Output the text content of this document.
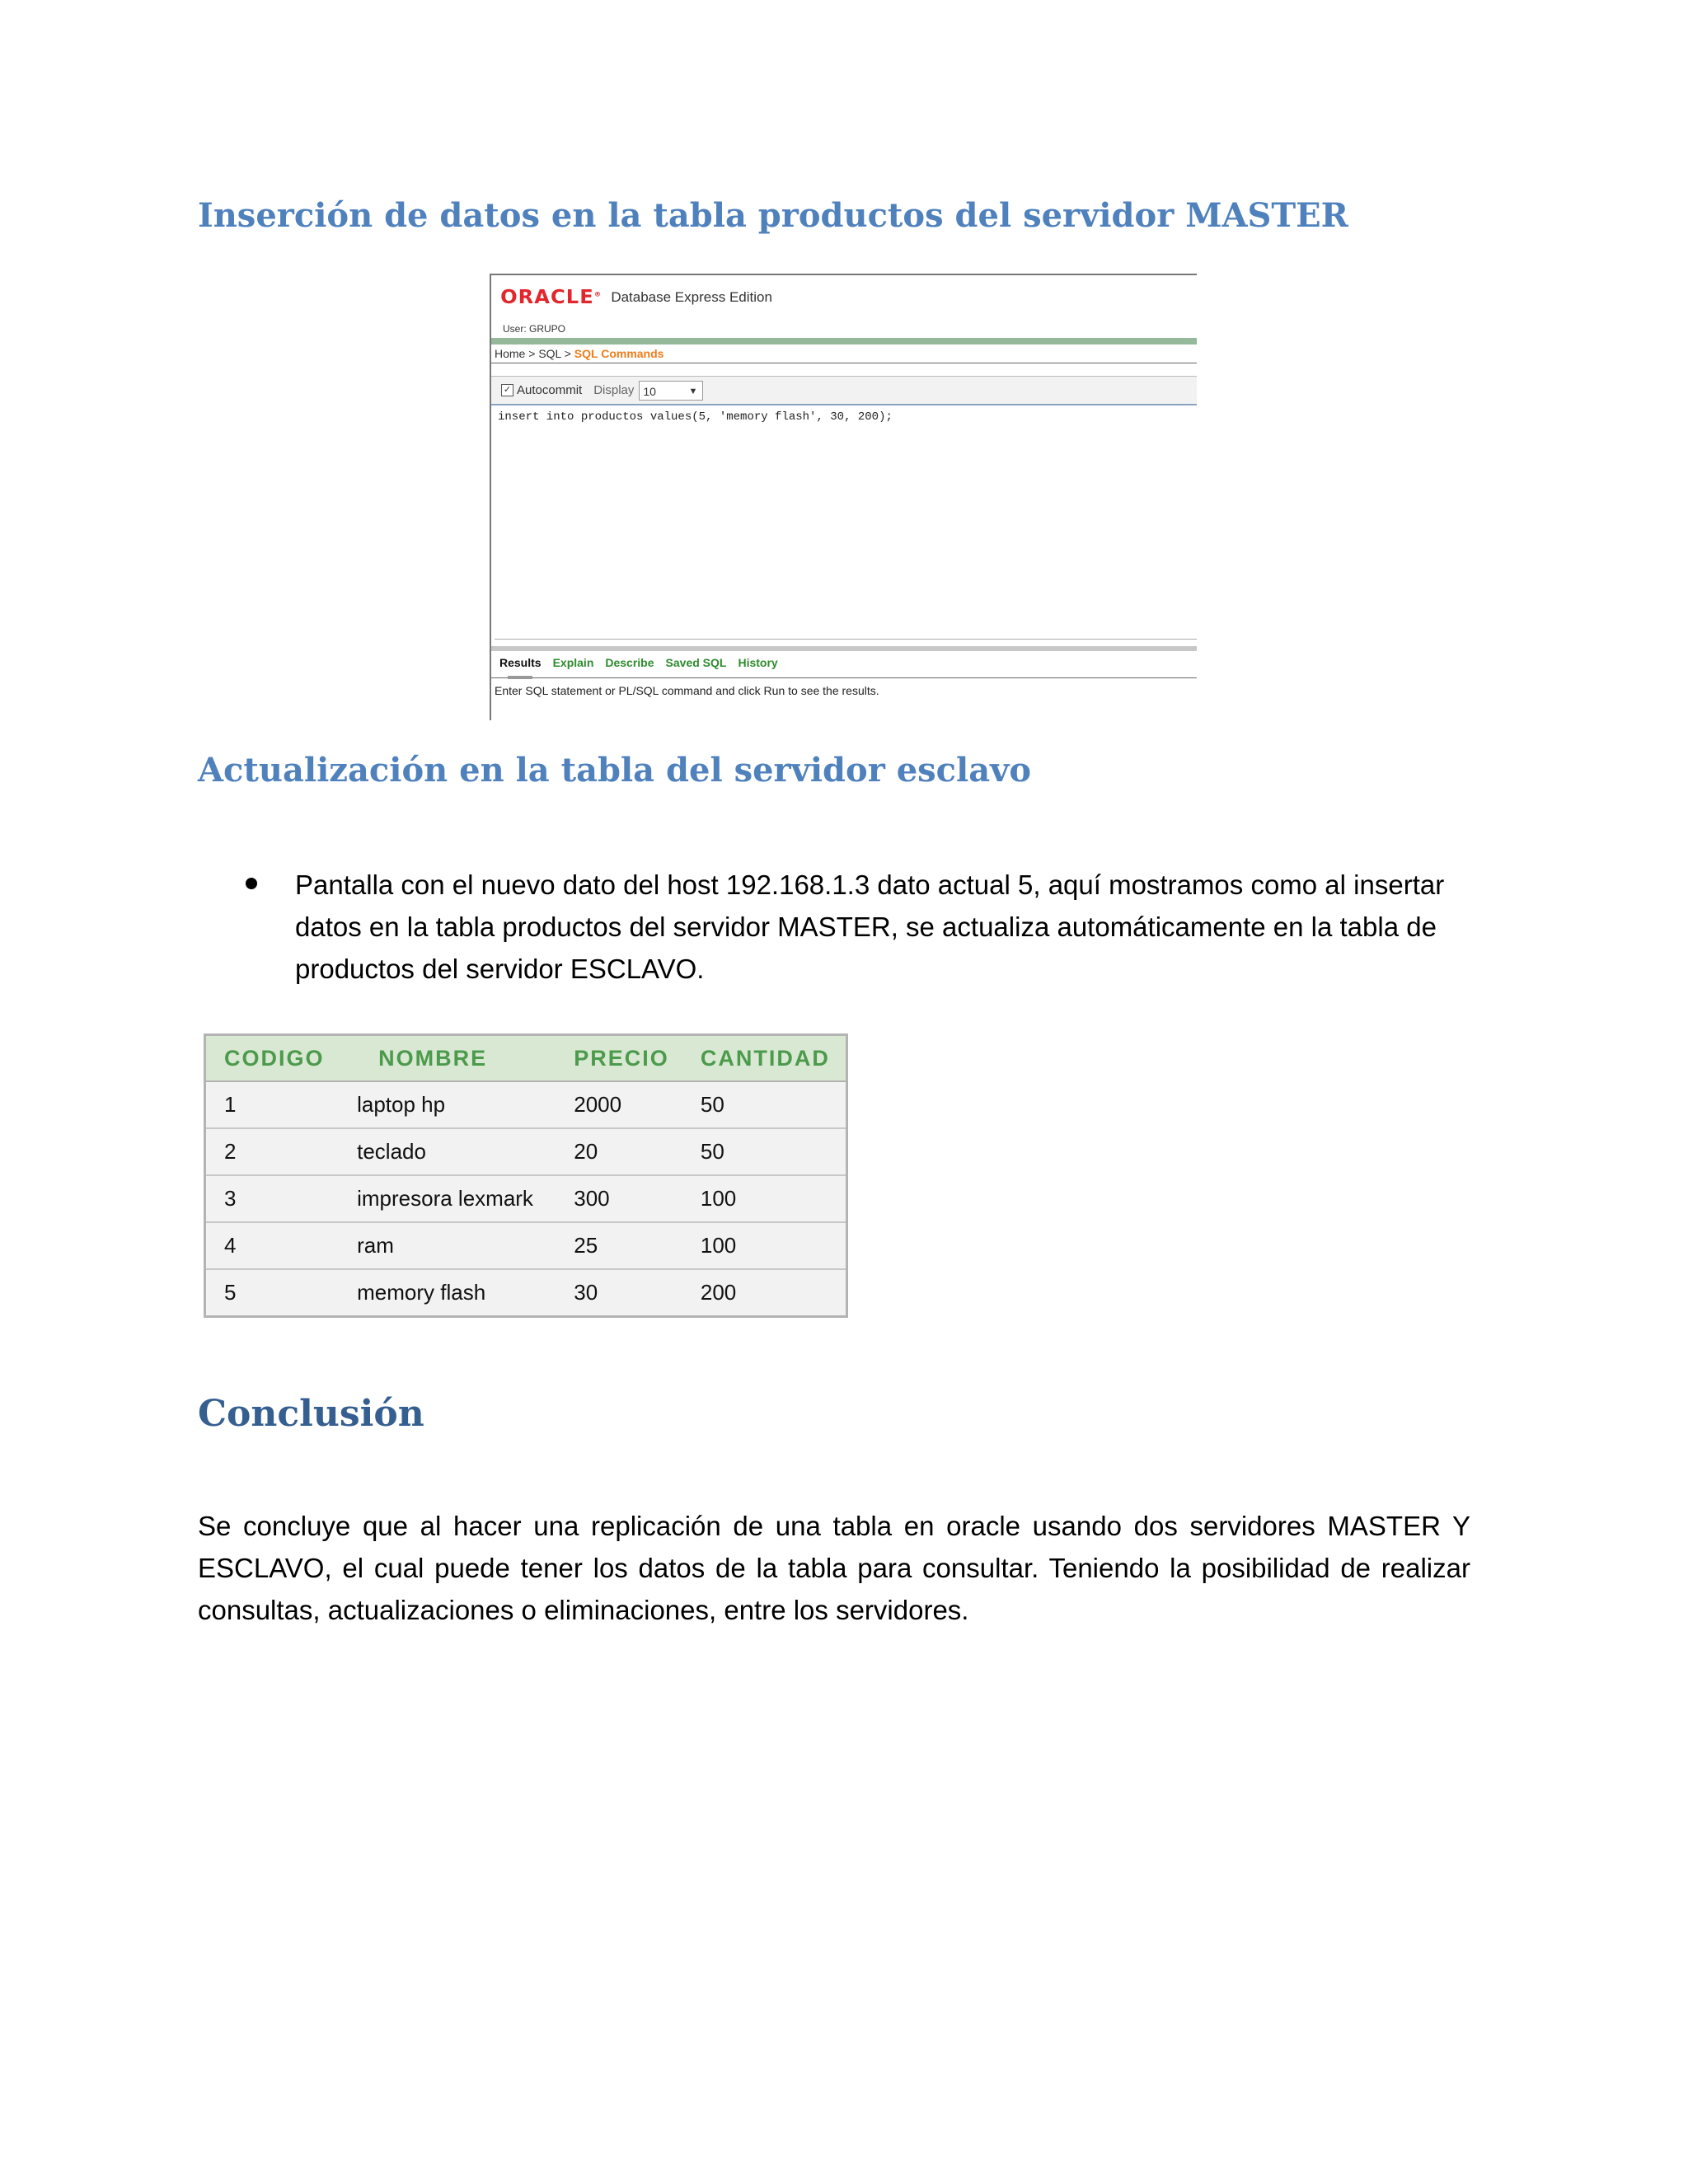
Inserción de datos en la tabla productos del servidor MASTER
ORACLE® Database Express Edition
User: GRUPO
Home > SQL > SQL Commands
✓ Autocommit Display 10	▼
insert into productos values(5, 'memory flash', 30, 200);
Results Explain Describe Saved SQL History
Enter SQL statement or PL/SQL command and click Run to see the results.
Actualización en la tabla del servidor esclavo
Pantalla con el nuevo dato del host 192.168.1.3 dato actual 5, aquí mostramos como al insertar datos en la tabla productos del servidor MASTER, se actualiza automáticamente en la tabla de productos del servidor ESCLAVO.
CODIGO	NOMBRE	PRECIO	CANTIDAD
1	laptop hp	2000	50
2	teclado	20	50
3	impresora lexmark	300	100
4	ram	25	100
5	memory flash	30	200
Conclusión

Se concluye que al hacer una replicación de una tabla en oracle usando dos servidores MASTER Y ESCLAVO, el cual puede tener los datos de la tabla para consultar. Teniendo la posibilidad de realizar consultas, actualizaciones o eliminaciones, entre los servidores.
